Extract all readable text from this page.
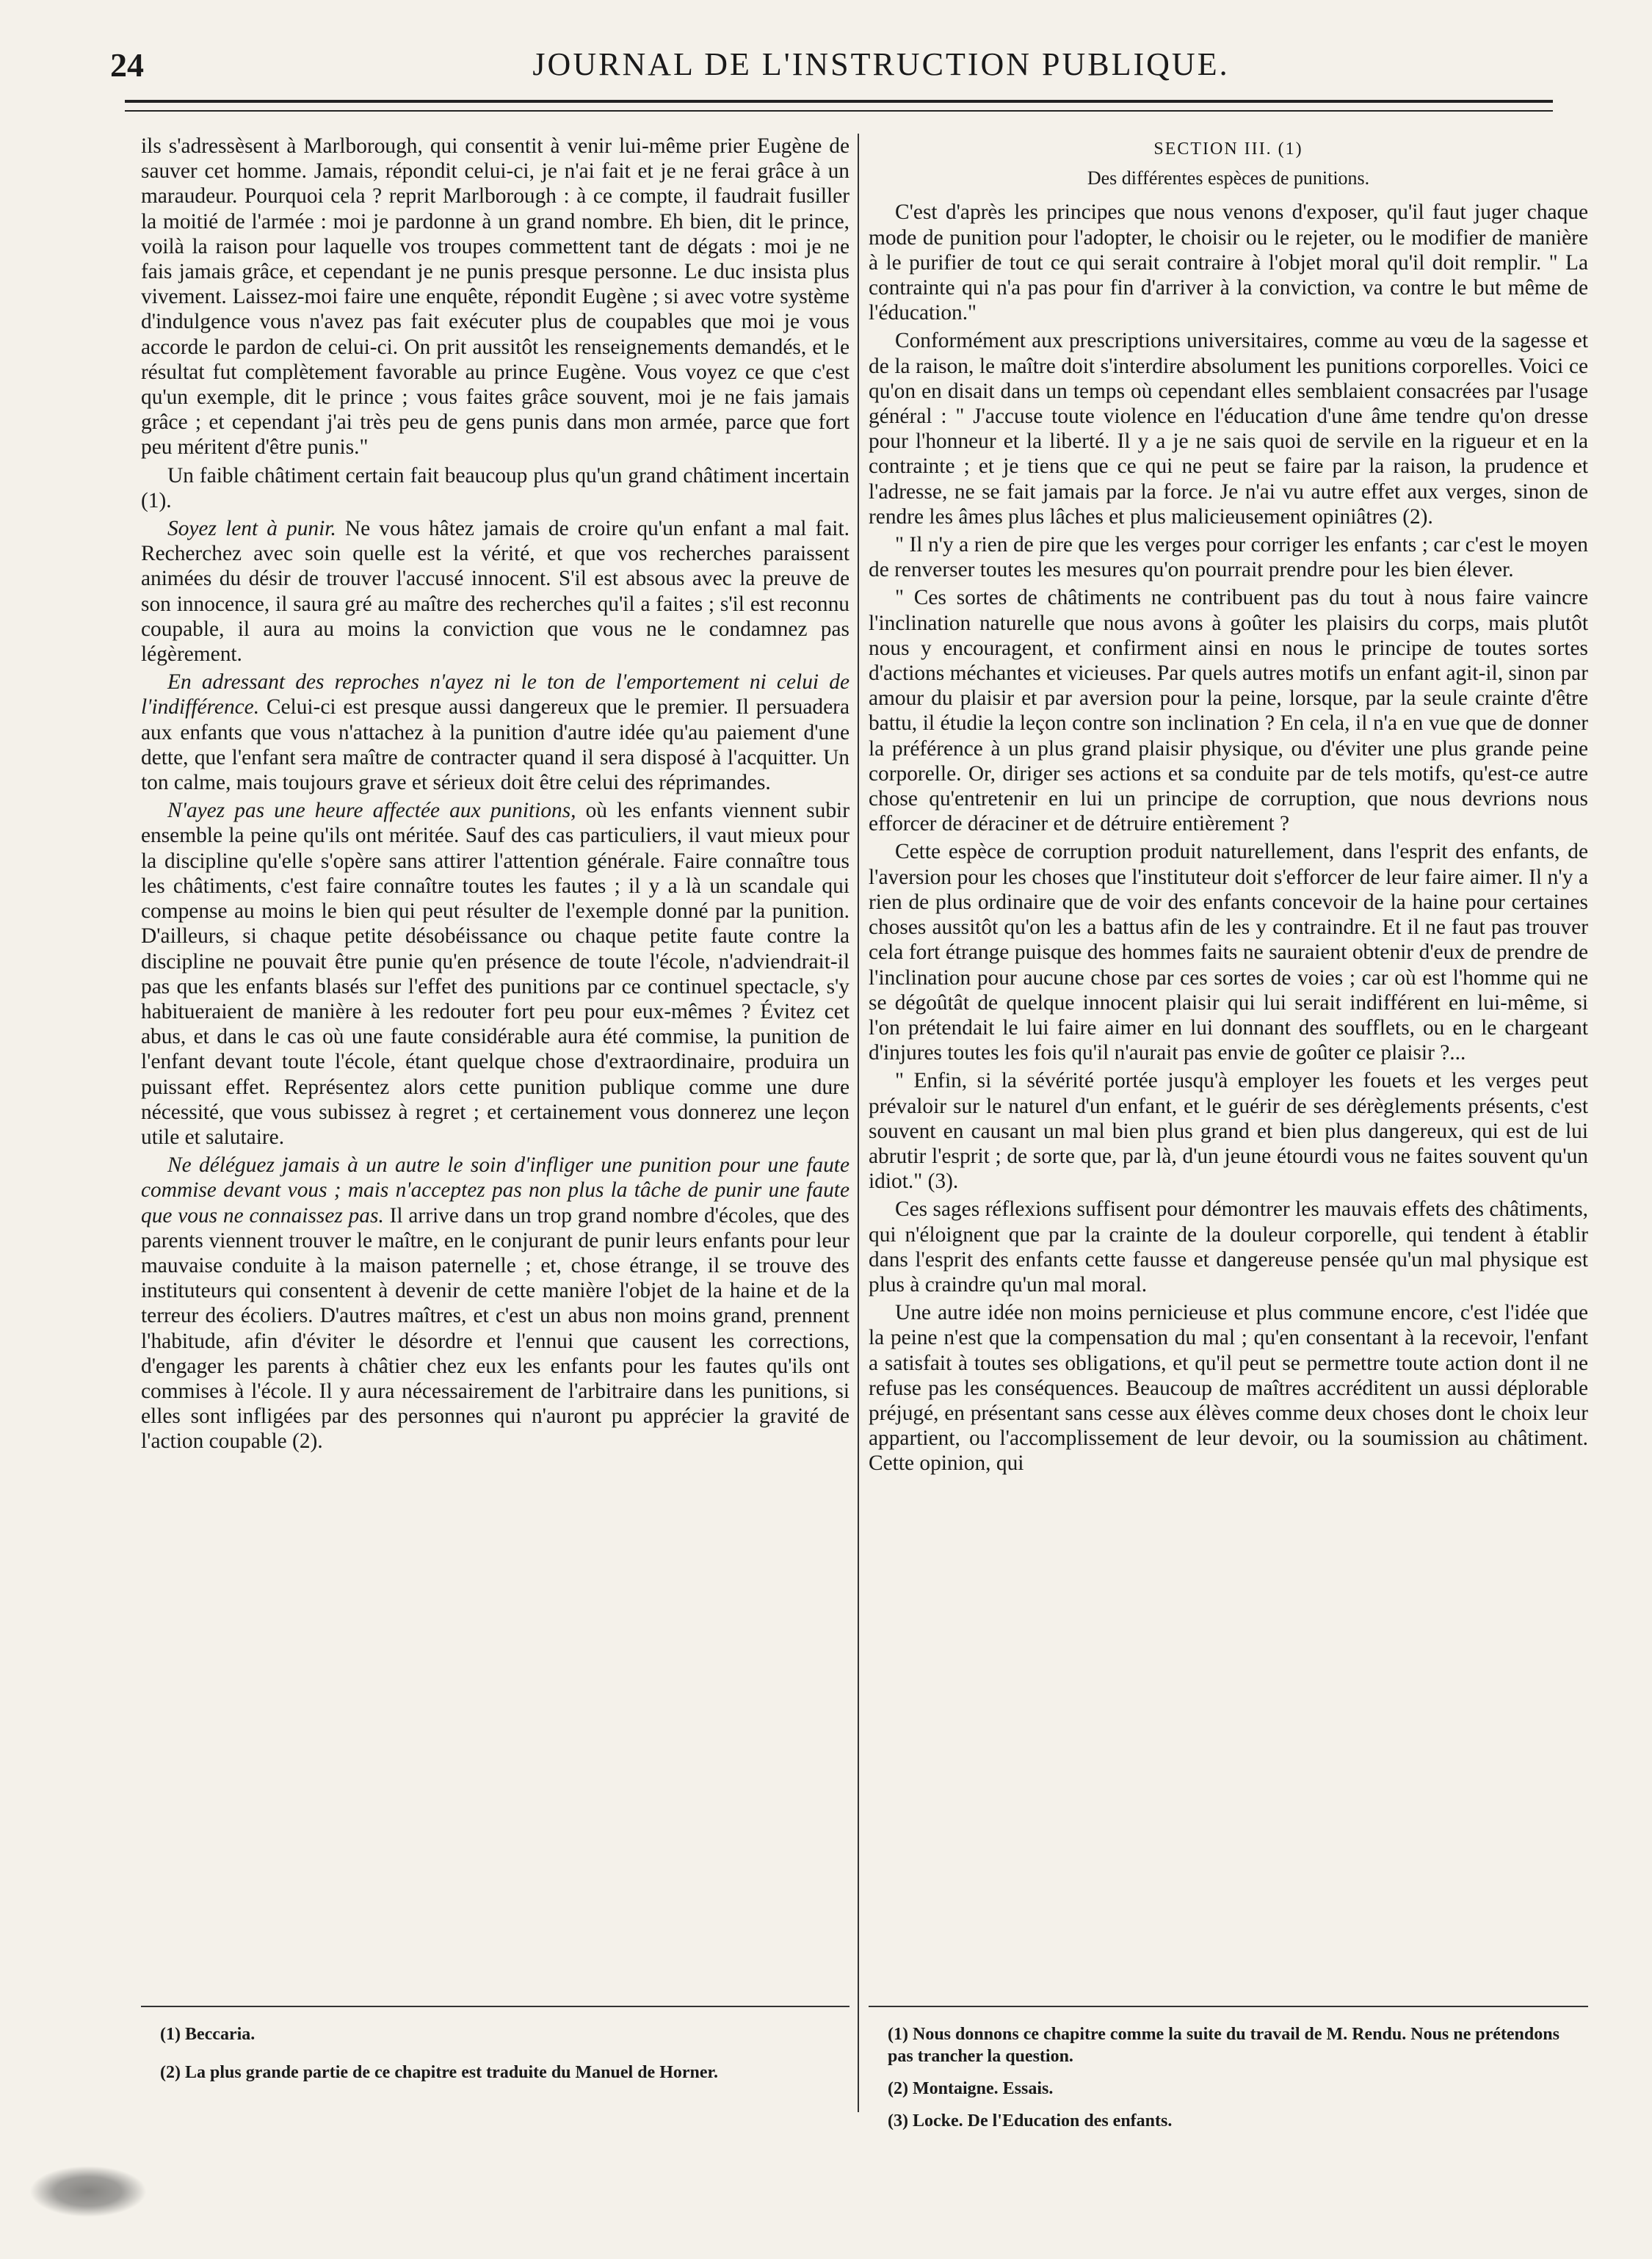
24	JOURNAL DE L'INSTRUCTION PUBLIQUE.

ils s'adressèsent à Marlborough, qui consentit à venir lui-même prier Eugène de sauver cet homme. Jamais, répondit celui-ci, je n'ai fait et je ne ferai grâce à un maraudeur. Pourquoi cela ? reprit Marlborough : à ce compte, il faudrait fusiller la moitié de l'armée : moi je pardonne à un grand nombre. Eh bien, dit le prince, voilà la raison pour laquelle vos troupes commettent tant de dégats : moi je ne fais jamais grâce, et cependant je ne punis presque personne. Le duc insista plus vivement. Laissez-moi faire une enquête, répondit Eugène ; si avec votre système d'indulgence vous n'avez pas fait exécuter plus de coupables que moi je vous accorde le pardon de celui-ci. On prit aussitôt les renseignements demandés, et le résultat fut complètement favorable au prince Eugène. Vous voyez ce que c'est qu'un exemple, dit le prince ; vous faites grâce souvent, moi je ne fais jamais grâce ; et cependant j'ai très peu de gens punis dans mon armée, parce que fort peu méritent d'être punis."

Un faible châtiment certain fait beaucoup plus qu'un grand châtiment incertain (1).

Soyez lent à punir. Ne vous hâtez jamais de croire qu'un enfant a mal fait. Recherchez avec soin quelle est la vérité, et que vos recherches paraissent animées du désir de trouver l'accusé innocent. S'il est absous avec la preuve de son innocence, il saura gré au maître des recherches qu'il a faites ; s'il est reconnu coupable, il aura au moins la conviction que vous ne le condamnez pas légèrement.

En adressant des reproches n'ayez ni le ton de l'emportement ni celui de l'indifférence. Celui-ci est presque aussi dangereux que le premier. Il persuadera aux enfants que vous n'attachez à la punition d'autre idée qu'au paiement d'une dette, que l'enfant sera maître de contracter quand il sera disposé à l'acquitter. Un ton calme, mais toujours grave et sérieux doit être celui des réprimandes.

N'ayez pas une heure affectée aux punitions, où les enfants viennent subir ensemble la peine qu'ils ont méritée. Sauf des cas particuliers, il vaut mieux pour la discipline qu'elle s'opère sans attirer l'attention générale. Faire connaître tous les châtiments, c'est faire connaître toutes les fautes ; il y a là un scandale qui compense au moins le bien qui peut résulter de l'exemple donné par la punition. D'ailleurs, si chaque petite désobéissance ou chaque petite faute contre la discipline ne pouvait être punie qu'en présence de toute l'école, n'adviendrait-il pas que les enfants blasés sur l'effet des punitions par ce continuel spectacle, s'y habitueraient de manière à les redouter fort peu pour eux-mêmes ? Évitez cet abus, et dans le cas où une faute considérable aura été commise, la punition de l'enfant devant toute l'école, étant quelque chose d'extraordinaire, produira un puissant effet. Représentez alors cette punition publique comme une dure nécessité, que vous subissez à regret ; et certainement vous donnerez une leçon utile et salutaire.

Ne déléguez jamais à un autre le soin d'infliger une punition pour une faute commise devant vous ; mais n'acceptez pas non plus la tâche de punir une faute que vous ne connaissez pas. Il arrive dans un trop grand nombre d'écoles, que des parents viennent trouver le maître, en le conjurant de punir leurs enfants pour leur mauvaise conduite à la maison paternelle ; et, chose étrange, il se trouve des instituteurs qui consentent à devenir de cette manière l'objet de la haine et de la terreur des écoliers. D'autres maîtres, et c'est un abus non moins grand, prennent l'habitude, afin d'éviter le désordre et l'ennui que causent les corrections, d'engager les parents à châtier chez eux les enfants pour les fautes qu'ils ont commises à l'école. Il y aura nécessairement de l'arbitraire dans les punitions, si elles sont infligées par des personnes qui n'auront pu apprécier la gravité de l'action coupable (2).

SECTION III. (1)
Des différentes espèces de punitions.

C'est d'après les principes que nous venons d'exposer, qu'il faut juger chaque mode de punition pour l'adopter, le choisir ou le rejeter, ou le modifier de manière à le purifier de tout ce qui serait contraire à l'objet moral qu'il doit remplir. " La contrainte qui n'a pas pour fin d'arriver à la conviction, va contre le but même de l'éducation."

Conformément aux prescriptions universitaires, comme au vœu de la sagesse et de la raison, le maître doit s'interdire absolument les punitions corporelles. Voici ce qu'on en disait dans un temps où cependant elles semblaient consacrées par l'usage général : " J'accuse toute violence en l'éducation d'une âme tendre qu'on dresse pour l'honneur et la liberté. Il y a je ne sais quoi de servile en la rigueur et en la contrainte ; et je tiens que ce qui ne peut se faire par la raison, la prudence et l'adresse, ne se fait jamais par la force. Je n'ai vu autre effet aux verges, sinon de rendre les âmes plus lâches et plus malicieusement opiniâtres (2).

" Il n'y a rien de pire que les verges pour corriger les enfants ; car c'est le moyen de renverser toutes les mesures qu'on pourrait prendre pour les bien élever.

" Ces sortes de châtiments ne contribuent pas du tout à nous faire vaincre l'inclination naturelle que nous avons à goûter les plaisirs du corps, mais plutôt nous y encouragent, et confirment ainsi en nous le principe de toutes sortes d'actions méchantes et vicieuses. Par quels autres motifs un enfant agit-il, sinon par amour du plaisir et par aversion pour la peine, lorsque, par la seule crainte d'être battu, il étudie la leçon contre son inclination ? En cela, il n'a en vue que de donner la préférence à un plus grand plaisir physique, ou d'éviter une plus grande peine corporelle. Or, diriger ses actions et sa conduite par de tels motifs, qu'est-ce autre chose qu'entretenir en lui un principe de corruption, que nous devrions nous efforcer de déraciner et de détruire entièrement ?

Cette espèce de corruption produit naturellement, dans l'esprit des enfants, de l'aversion pour les choses que l'instituteur doit s'efforcer de leur faire aimer. Il n'y a rien de plus ordinaire que de voir des enfants concevoir de la haine pour certaines choses aussitôt qu'on les a battus afin de les y contraindre. Et il ne faut pas trouver cela fort étrange puisque des hommes faits ne sauraient obtenir d'eux de prendre de l'inclination pour aucune chose par ces sortes de voies ; car où est l'homme qui ne se dégoûtât de quelque innocent plaisir qui lui serait indifférent en lui-même, si l'on prétendait le lui faire aimer en lui donnant des soufflets, ou en le chargeant d'injures toutes les fois qu'il n'aurait pas envie de goûter ce plaisir ?...

" Enfin, si la sévérité portée jusqu'à employer les fouets et les verges peut prévaloir sur le naturel d'un enfant, et le guérir de ses dérèglements présents, c'est souvent en causant un mal bien plus grand et bien plus dangereux, qui est de lui abrutir l'esprit ; de sorte que, par là, d'un jeune étourdi vous ne faites souvent qu'un idiot." (3).

Ces sages réflexions suffisent pour démontrer les mauvais effets des châtiments, qui n'éloignent que par la crainte de la douleur corporelle, qui tendent à établir dans l'esprit des enfants cette fausse et dangereuse pensée qu'un mal physique est plus à craindre qu'un mal moral.

Une autre idée non moins pernicieuse et plus commune encore, c'est l'idée que la peine n'est que la compensation du mal ; qu'en consentant à la recevoir, l'enfant a satisfait à toutes ses obligations, et qu'il peut se permettre toute action dont il ne refuse pas les conséquences. Beaucoup de maîtres accréditent un aussi déplorable préjugé, en présentant sans cesse aux élèves comme deux choses dont le choix leur appartient, ou l'accomplissement de leur devoir, ou la soumission au châtiment. Cette opinion, qui

(1) Beccaria.
(2) La plus grande partie de ce chapitre est traduite du Manuel de Horner.
(1) Nous donnons ce chapitre comme la suite du travail de M. Rendu. Nous ne prétendons pas trancher la question.
(2) Montaigne. Essais.
(3) Locke. De l'Education des enfants.
